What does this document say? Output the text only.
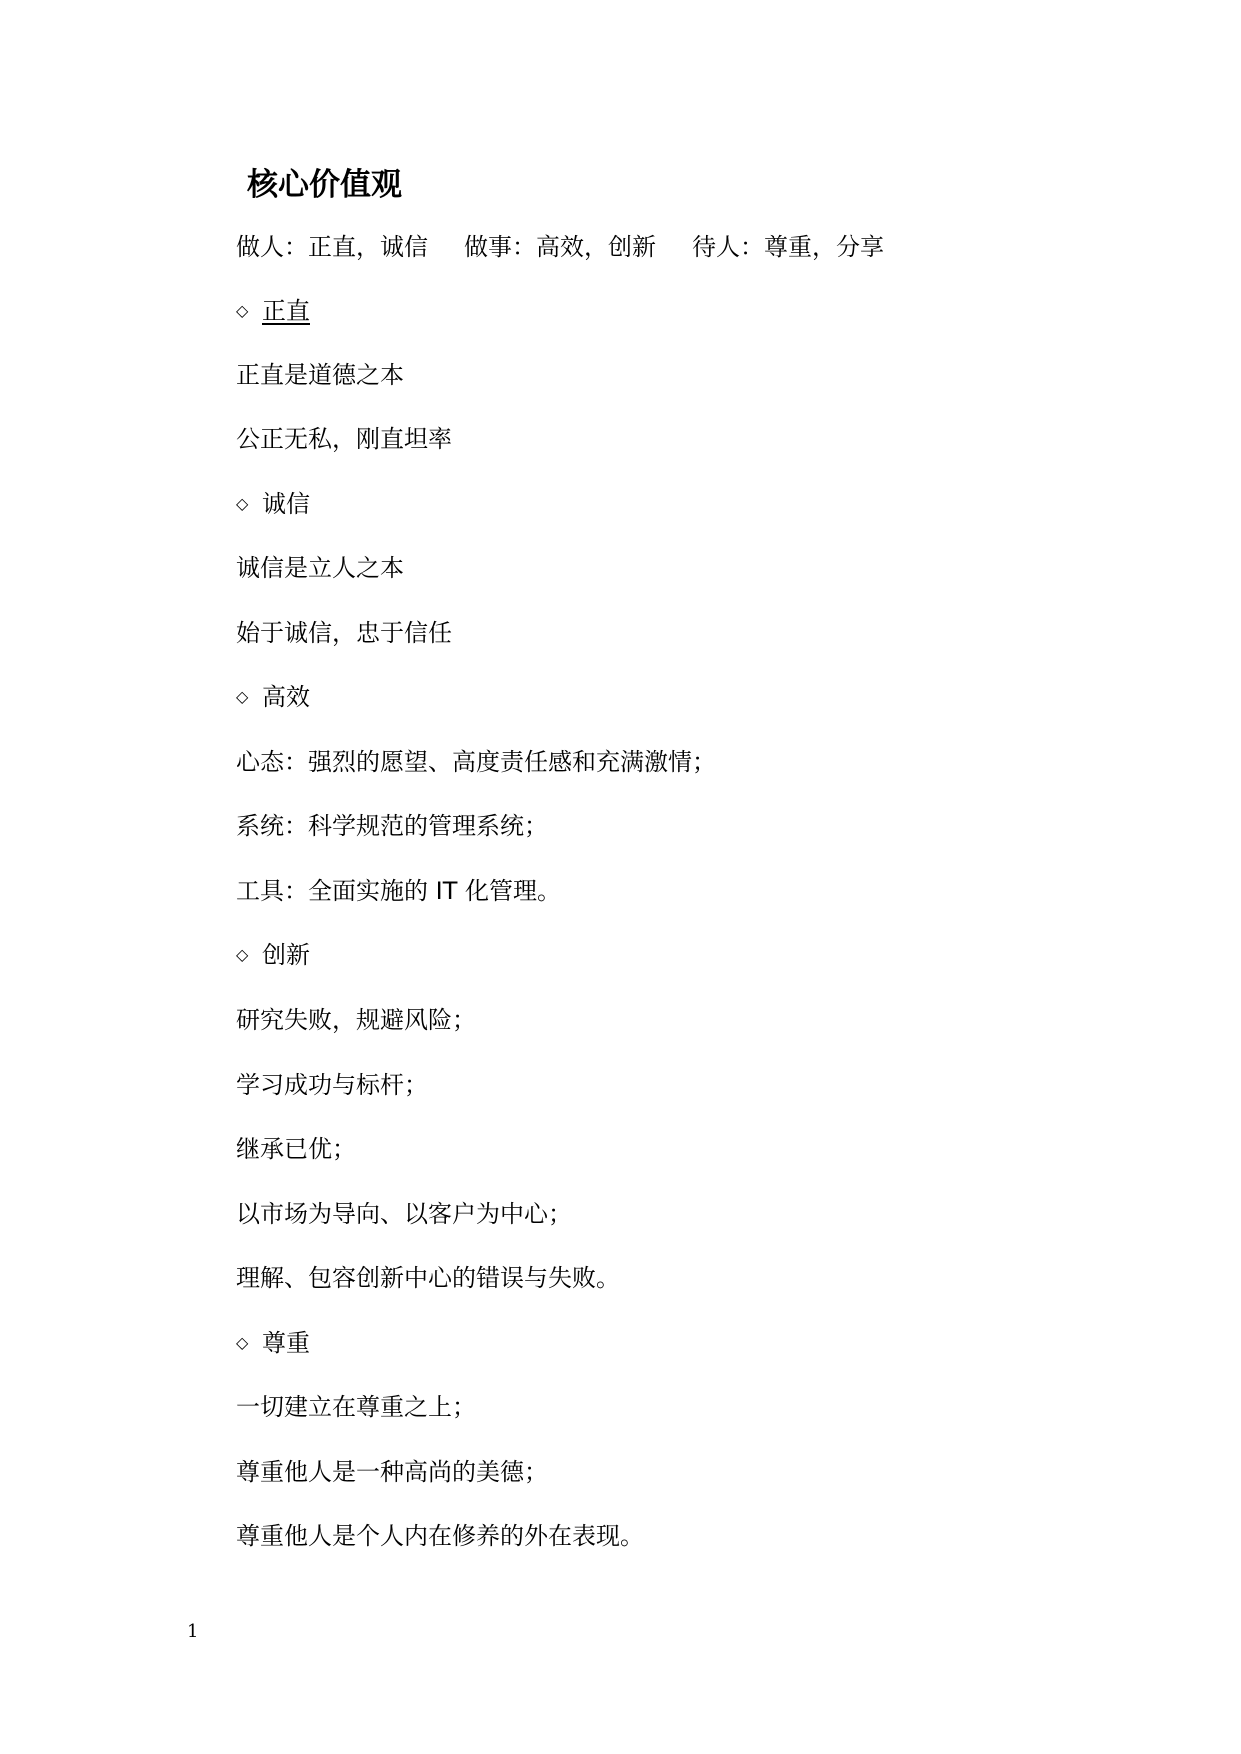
核心价值观
做人：正直，诚信 做事：高效，创新 待人：尊重，分享
◇ 正直
正直是道德之本
公正无私，刚直坦率
◇ 诚信
诚信是立人之本
始于诚信，忠于信任
◇ 高效
心态：强烈的愿望、高度责任感和充满激情；
系统：科学规范的管理系统；
工具：全面实施的 IT 化管理。
◇ 创新
研究失败，规避风险；
学习成功与标杆；
继承已优；
以市场为导向、以客户为中心；
理解、包容创新中心的错误与失败。
◇ 尊重
一切建立在尊重之上；
尊重他人是一种高尚的美德；
尊重他人是个人内在修养的外在表现。
1
